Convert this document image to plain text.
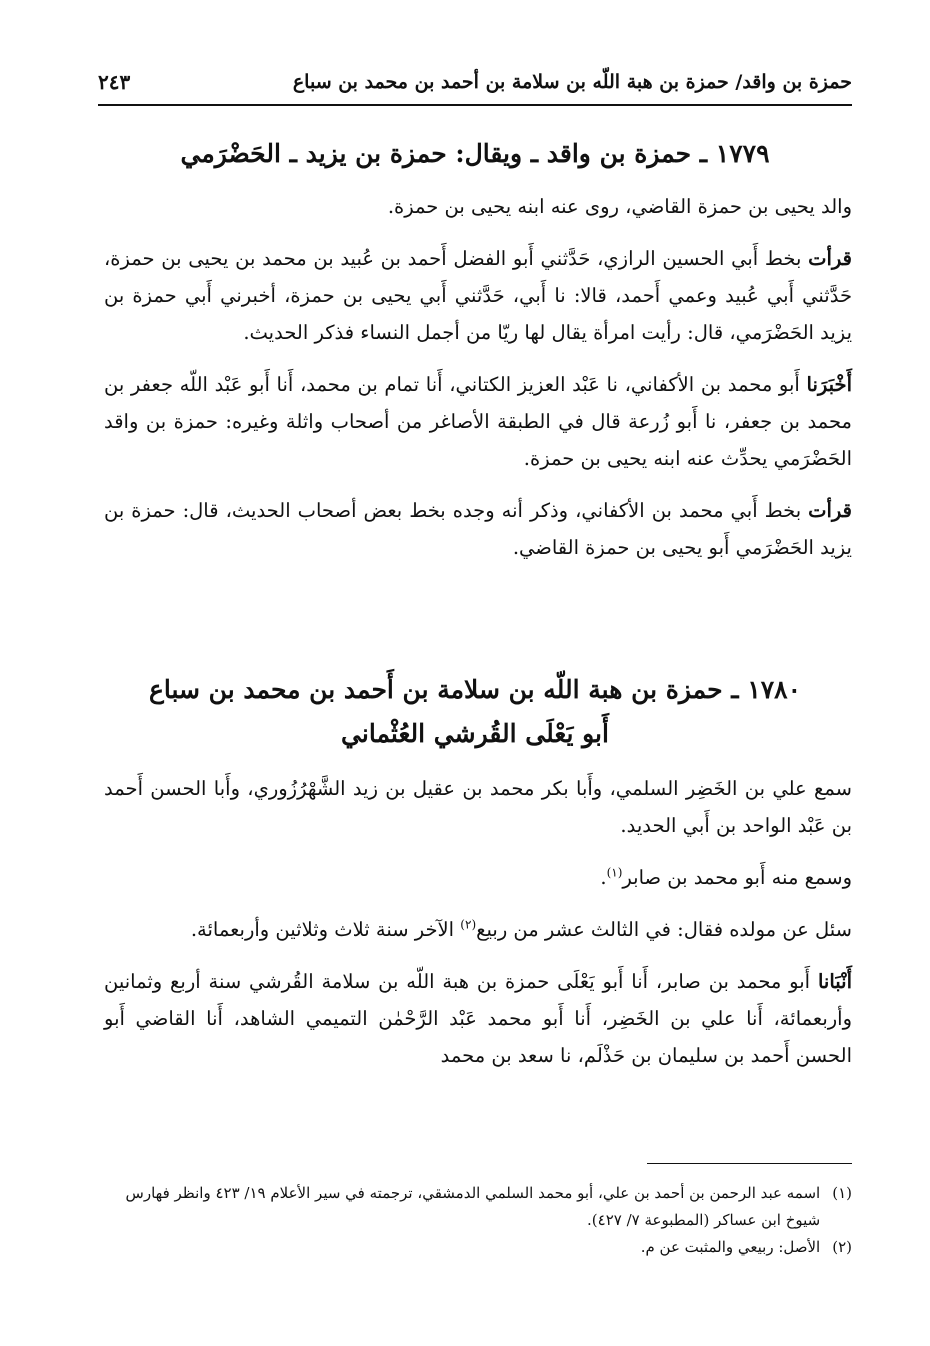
حمزة بن واقد/ حمزة بن هبة اللّه بن سلامة بن أحمد بن محمد بن سباع
٢٤٣
١٧٧٩ ـ حمزة بن واقد ـ ويقال: حمزة بن يزيد ـ الحَضْرَمي

والد يحيى بن حمزة القاضي، روى عنه ابنه يحيى بن حمزة.

قرأت بخط أَبي الحسين الرازي، حَدَّثني أَبو الفضل أَحمد بن عُبيد بن محمد بن يحيى بن حمزة، حَدَّثني أَبي عُبيد وعمي أَحمد، قالا: نا أَبي، حَدَّثني أَبي يحيى بن حمزة، أخبرني أَبي حمزة بن يزيد الحَضْرَمي، قال: رأيت امرأة يقال لها ريّا من أجمل النساء فذكر الحديث.

أَخْبَرَنا أَبو محمد بن الأكفاني، نا عَبْد العزيز الكتاني، أَنا تمام بن محمد، أَنا أَبو عَبْد اللّه جعفر بن محمد بن جعفر، نا أَبو زُرعة قال في الطبقة الأصاغر من أصحاب واثلة وغيره: حمزة بن واقد الحَضْرَمي يحدِّث عنه ابنه يحيى بن حمزة.

قرأت بخط أَبي محمد بن الأكفاني، وذكر أنه وجده بخط بعض أصحاب الحديث، قال: حمزة بن يزيد الحَضْرَمي أَبو يحيى بن حمزة القاضي.

١٧٨٠ ـ حمزة بن هبة اللّه بن سلامة بن أَحمد بن محمد بن سباع
أَبو يَعْلَى القُرشي العُثْماني

سمع علي بن الخَضِر السلمي، وأَبا بكر محمد بن عقيل بن زيد الشَّهْرُزُوري، وأَبا الحسن أَحمد بن عَبْد الواحد بن أَبي الحديد.

وسمع منه أَبو محمد بن صابر$^{(١)}$.

سئل عن مولده فقال: في الثالث عشر من ربيع$^{(٢)}$ الآخر سنة ثلاث وثلاثين وأربعمائة.

أَنْبَانا أَبو محمد بن صابر، أَنا أَبو يَعْلَى حمزة بن هبة اللّه بن سلامة القُرشي سنة أربع وثمانين وأربعمائة، أَنا علي بن الخَضِر، أَنا أَبو محمد عَبْد الرَّحْمٰن التميمي الشاهد، أَنا القاضي أَبو الحسن أَحمد بن سليمان بن حَذْلَم، نا سعد بن محمد

(١)
اسمه عبد الرحمن بن أحمد بن علي، أبو محمد السلمي الدمشقي، ترجمته في سير الأعلام ١٩/ ٤٢٣ وانظر فهارس شيوخ ابن عساكر (المطبوعة ٧/ ٤٢٧).
(٢)
الأصل: ربيعي والمثبت عن م.
